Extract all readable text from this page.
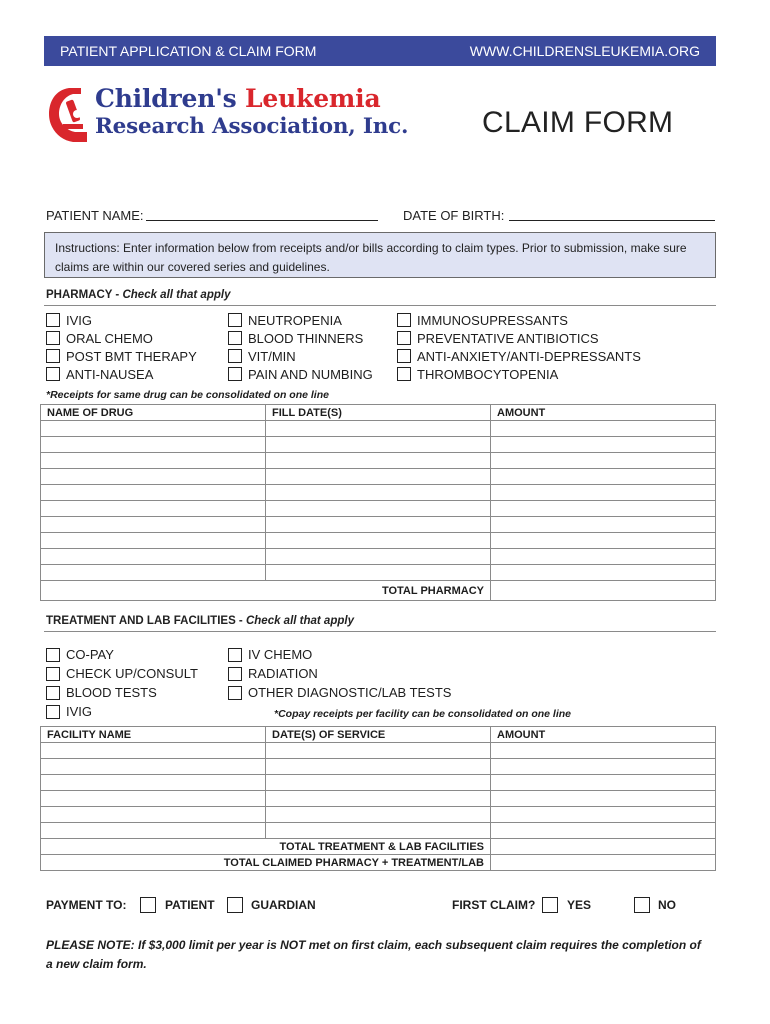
PATIENT APPLICATION & CLAIM FORM	WWW.CHILDRENSLEUKEMIA.ORG
Children's Leukemia
Research Association, Inc. CLAIM FORM
PATIENT NAME:	DATE OF BIRTH:
Instructions: Enter information below from receipts and/or bills according to claim types. Prior to submission, make sure claims are within our covered series and guidelines.
PHARMACY - Check all that apply
IVIG
ORAL CHEMO
POST BMT THERAPY
ANTI-NAUSEA
NEUTROPENIA
BLOOD THINNERS
VIT/MIN
PAIN AND NUMBING
IMMUNOSUPRESSANTS
PREVENTATIVE ANTIBIOTICS
ANTI-ANXIETY/ANTI-DEPRESSANTS
THROMBOCYTOPENIA
*Receipts for same drug can be consolidated on one line
NAME OF DRUG	FILL DATE(S)	AMOUNT

TOTAL PHARMACY		
TREATMENT AND LAB FACILITIES - Check all that apply
CO-PAY
CHECK UP/CONSULT
BLOOD TESTS
IVIG
IV CHEMO
RADIATION
OTHER DIAGNOSTIC/LAB TESTS
*Copay receipts per facility can be consolidated on one line
FACILITY NAME	DATE(S) OF SERVICE	AMOUNT

TOTAL TREATMENT & LAB FACILITIES		
TOTAL CLAIMED PHARMACY + TREATMENT/LAB		
PAYMENT TO:	PATIENT	GUARDIAN	FIRST CLAIM?	YES	NO
PLEASE NOTE: If $3,000 limit per year is NOT met on first claim, each subsequent claim requires the completion of a new claim form.
